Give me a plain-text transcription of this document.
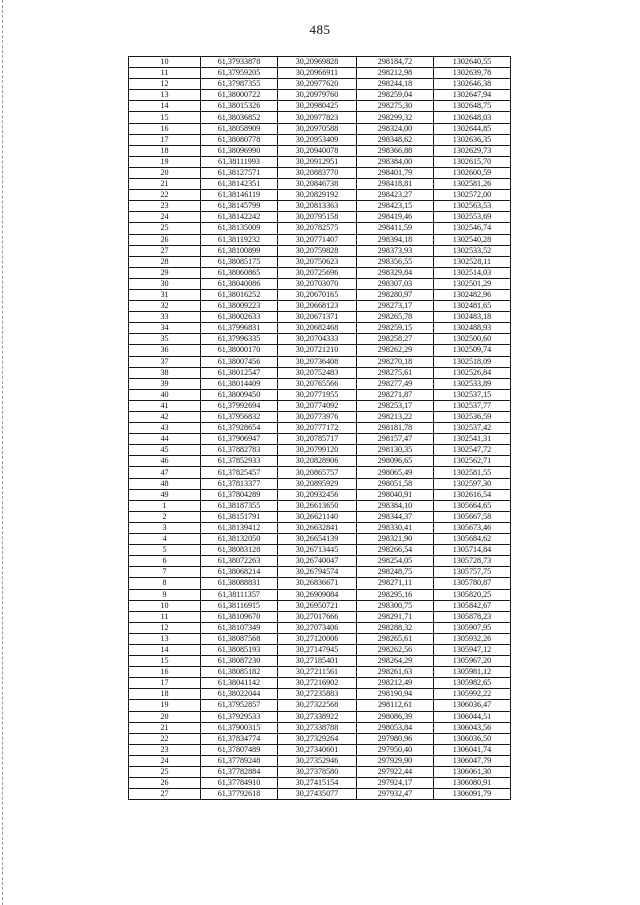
485
10	61,37933878	30,20969828	298184,72	1302640,55
11	61,37959205	30,20966911	298212,98	1302639,78
12	61,37987355	30,20977620	298244,18	1302646,38
13	61,38000722	30,20979760	298259,04	1302647,94
14	61,38015326	30,20980425	298275,30	1302648,75
15	61,38036852	30,20977823	298299,32	1302648,03
16	61,38058909	30,20970588	298324,00	1302644,85
17	61,38080778	30,20953409	298348,62	1302636,35
18	61,38096990	30,20940078	298366,88	1302629,73
19	61,38111993	30,20912951	298384,00	1302615,70
20	61,38127571	30,20883770	298401,79	1302600,59
21	61,38142351	30,20846738	298418,81	1302581,26
22	61,38146119	30,20829192	298423,27	1302572,00
23	61,38145799	30,20813363	298423,15	1302563,53
24	61,38142242	30,20795158	298419,46	1302553,69
25	61,38135009	30,20782575	298411,59	1302546,74
26	61,38119232	30,20771407	298394,18	1302540,28
27	61,38100899	30,20759828	298373,93	1302533,52
28	61,38085175	30,20750623	298356,55	1302528,11
29	61,38060865	30,20725696	298329,84	1302514,03
30	61,38040086	30,20703070	298307,03	1302501,29
31	61,38016252	30,20670165	298280,97	1302482,96
32	61,38009223	30,20668123	298273,17	1302481,65
33	61,38002633	30,20671371	298265,78	1302483,18
34	61,37996831	30,20682468	298259,15	1302488,93
35	61,37996335	30,20704333	298258,27	1302500,60
36	61,38000170	30,20721210	298262,29	1302509,74
37	61,38007456	30,20736408	298270,18	1302518,09
38	61,38012547	30,20752483	298275,61	1302526,84
39	61,38014409	30,20765566	298277,49	1302533,89
40	61,38009450	30,20771955	298271,87	1302537,15
41	61,37992694	30,20774092	298253,17	1302537,77
42	61,37956832	30,20773976	298213,22	1302536,59
43	61,37928654	30,20777172	298181,78	1302537,42
44	61,37906947	30,20785717	298157,47	1302541,31
45	61,37882783	30,20799120	298130,35	1302547,72
46	61,37852933	30,20828906	298096,65	1302562,71
47	61,37825457	30,20865757	298065,49	1302581,55
48	61,37813377	30,20895929	298051,58	1302597,30
49	61,37804289	30,20932456	298040,91	1302616,54
1	61,38187355	30,26613650	298384,10	1305664,65
2	61,38151791	30,26621140	298344,37	1305667,58
3	61,38139412	30,26632841	298330,41	1305673,46
4	61,38132050	30,26654139	298321,90	1305684,62
5	61,38083128	30,26713445	298266,54	1305714,84
6	61,38072263	30,26740047	298254,05	1305728,73
7	61,38068214	30,26794574	298248,75	1305757,75
8	61,38088831	30,26836671	298271,11	1305780,87
9	61,38111357	30,26909084	298295,16	1305820,25
10	61,38116915	30,26950721	298300,75	1305842,67
11	61,38109670	30,27017666	298291,71	1305878,23
12	61,38107349	30,27073406	298288,32	1305907,95
13	61,38087568	30,27120006	298265,61	1305932,26
14	61,38085193	30,27147945	298262,56	1305947,12
15	61,38087230	30,27185401	298264,29	1305967,20
16	61,38085182	30,27211561	298261,63	1305981,12
17	61,38041142	30,27216902	298212,49	1305982,65
18	61,38022044	30,27235883	298190,94	1305992,22
19	61,37952857	30,27322568	298112,61	1306036,47
20	61,37929533	30,27338922	298086,39	1306044,51
21	61,37900315	30,27338788	298053,84	1306043,56
22	61,37834774	30,27329264	297980,96	1306036,50
23	61,37807489	30,27340601	297950,40	1306041,74
24	61,37789248	30,27352946	297929,90	1306047,79
25	61,37782884	30,27378580	297922,44	1306061,30
26	61,37784910	30,27415154	297924,17	1306080,91
27	61,37792618	30,27435077	297932,47	1306091,79
